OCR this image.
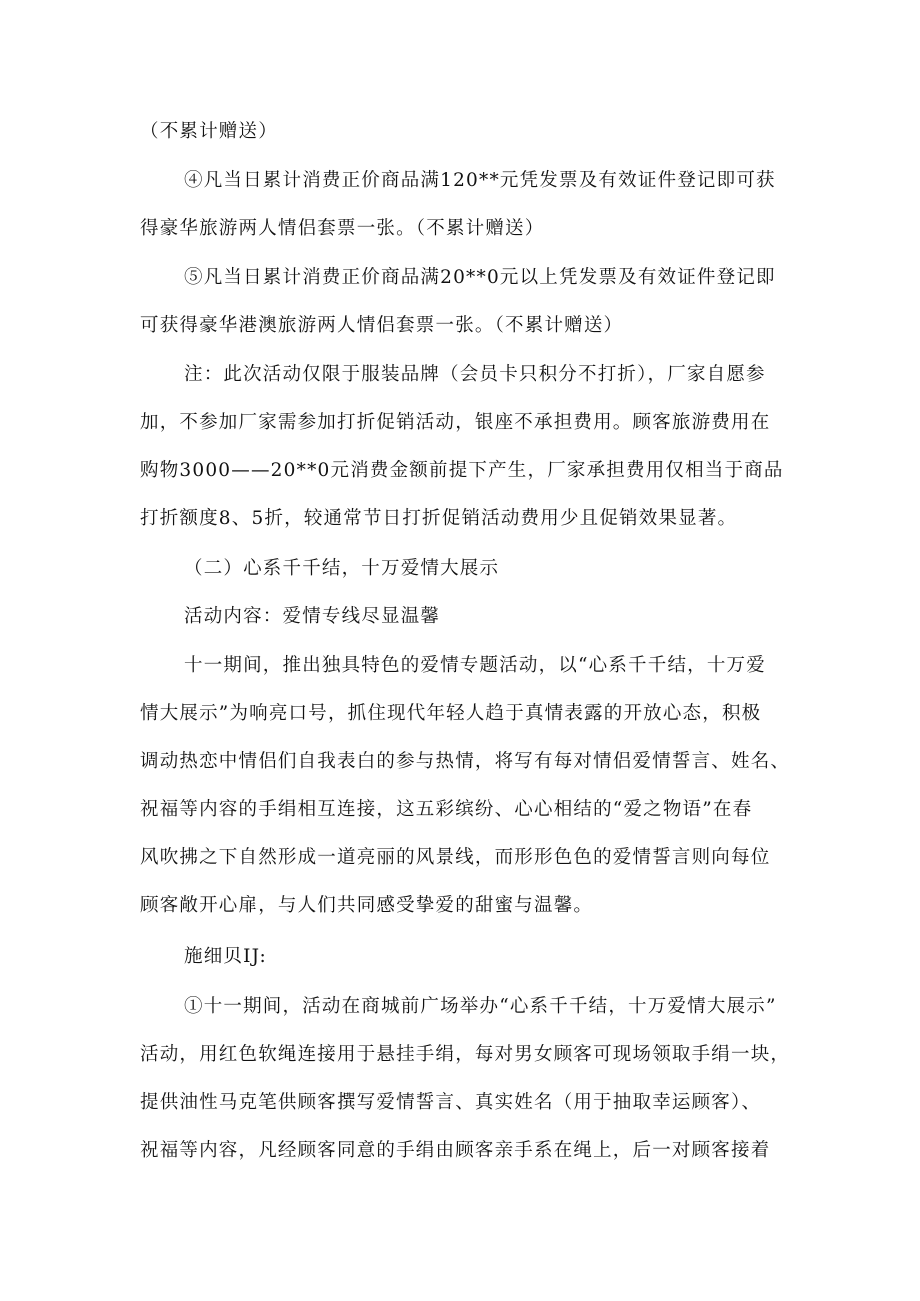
（不累计赠送）
④凡当日累计消费正价商品满120**元凭发票及有效证件登记即可获
得豪华旅游两人情侣套票一张。（不累计赠送）
⑤凡当日累计消费正价商品满20**0元以上凭发票及有效证件登记即
可获得豪华港澳旅游两人情侣套票一张。（不累计赠送）
注：此次活动仅限于服装品牌（会员卡只积分不打折），厂家自愿参
加，不参加厂家需参加打折促销活动，银座不承担费用。顾客旅游费用在
购物3000——20**0元消费金额前提下产生，厂家承担费用仅相当于商品
打折额度8、5折，较通常节日打折促销活动费用少且促销效果显著。
（二）心系千千结，十万爱情大展示
活动内容：爱情专线尽显温馨
十一期间，推出独具特色的爱情专题活动，以“心系千千结，十万爱
情大展示”为响亮口号，抓住现代年轻人趋于真情表露的开放心态，积极
调动热恋中情侣们自我表白的参与热情，将写有每对情侣爱情誓言、姓名、
祝福等内容的手绢相互连接，这五彩缤纷、心心相结的“爱之物语”在春
风吹拂之下自然形成一道亮丽的风景线，而形形色色的爱情誓言则向每位
顾客敞开心扉，与人们共同感受挚爱的甜蜜与温馨。
施细贝IJ:
①十一期间，活动在商城前广场举办“心系千千结，十万爱情大展示”
活动，用红色软绳连接用于悬挂手绢，每对男女顾客可现场领取手绢一块，
提供油性马克笔供顾客撰写爱情誓言、真实姓名（用于抽取幸运顾客）、
祝福等内容，凡经顾客同意的手绢由顾客亲手系在绳上，后一对顾客接着
